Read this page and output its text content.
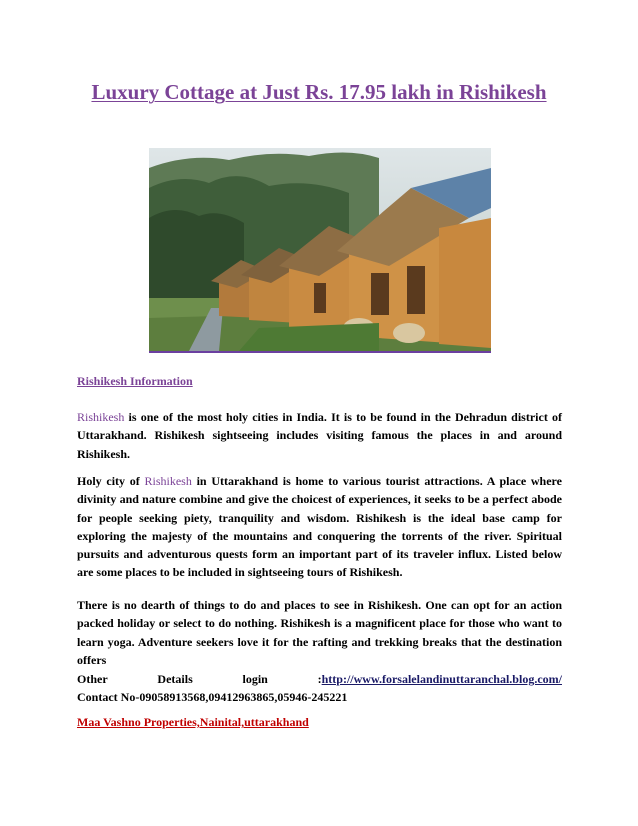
Luxury Cottage at Just Rs. 17.95 lakh in Rishikesh
Rishikesh Information
Rishikesh is one of the most holy cities in India. It is to be found in the Dehradun district of Uttarakhand. Rishikesh sightseeing includes visiting famous the places in and around Rishikesh.
Holy city of Rishikesh in Uttarakhand is home to various tourist attractions. A place where divinity and nature combine and give the choicest of experiences, it seeks to be a perfect abode for people seeking piety, tranquility and wisdom. Rishikesh is the ideal base camp for exploring the majesty of the mountains and conquering the torrents of the river. Spiritual pursuits and adventurous quests form an important part of its traveler influx. Listed below are some places to be included in sightseeing tours of Rishikesh.
There is no dearth of things to do and places to see in Rishikesh. One can opt for an action packed holiday or select to do nothing. Rishikesh is a magnificent place for those who want to learn yoga. Adventure seekers love it for the rafting and trekking breaks that the destination offers
Other	Details	login	:http://www.forsalelandinuttaranchal.blog.com/
Contact No-09058913568,09412963865,05946-245221
Maa Vashno Properties,Nainital,uttarakhand
